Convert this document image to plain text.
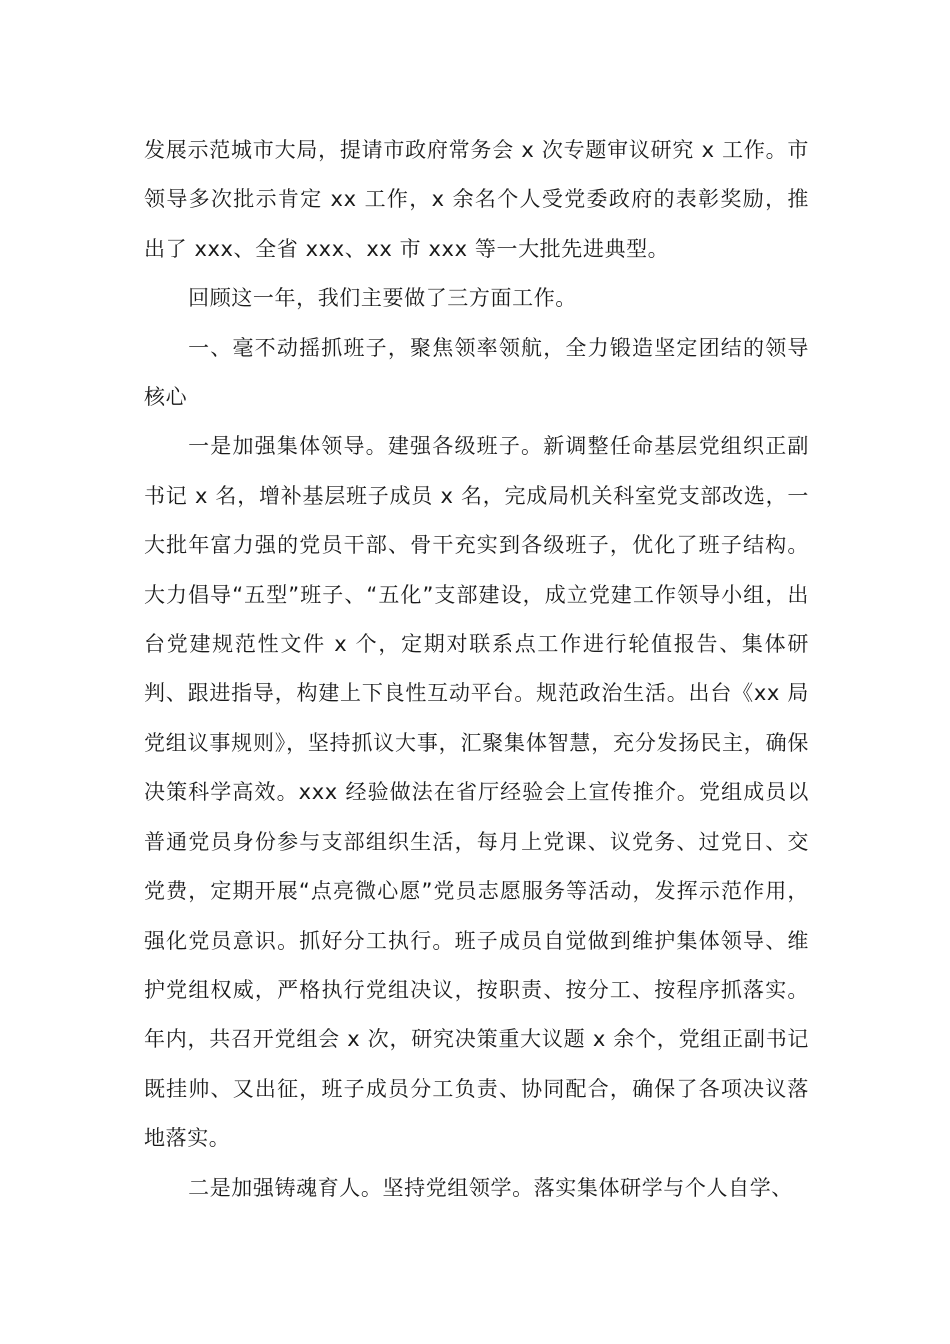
发展示范城市大局，提请市政府常务会 x 次专题审议研究 x 工作。市领导多次批示肯定 xx 工作，x 余名个人受党委政府的表彰奖励，推出了 xxx、全省 xxx、xx 市 xxx 等一大批先进典型。

回顾这一年，我们主要做了三方面工作。

一、毫不动摇抓班子，聚焦领率领航，全力锻造坚定团结的领导核心

一是加强集体领导。建强各级班子。新调整任命基层党组织正副书记 x 名，增补基层班子成员 x 名，完成局机关科室党支部改选，一大批年富力强的党员干部、骨干充实到各级班子，优化了班子结构。大力倡导“五型”班子、“五化”支部建设，成立党建工作领导小组，出台党建规范性文件 x 个，定期对联系点工作进行轮值报告、集体研判、跟进指导，构建上下良性互动平台。规范政治生活。出台《xx 局党组议事规则》，坚持抓议大事，汇聚集体智慧，充分发扬民主，确保决策科学高效。xxx 经验做法在省厅经验会上宣传推介。党组成员以普通党员身份参与支部组织生活，每月上党课、议党务、过党日、交党费，定期开展“点亮微心愿”党员志愿服务等活动，发挥示范作用，强化党员意识。抓好分工执行。班子成员自觉做到维护集体领导、维护党组权威，严格执行党组决议，按职责、按分工、按程序抓落实。年内，共召开党组会 x 次，研究决策重大议题 x 余个，党组正副书记既挂帅、又出征，班子成员分工负责、协同配合，确保了各项决议落地落实。

二是加强铸魂育人。坚持党组领学。落实集体研学与个人自学、
